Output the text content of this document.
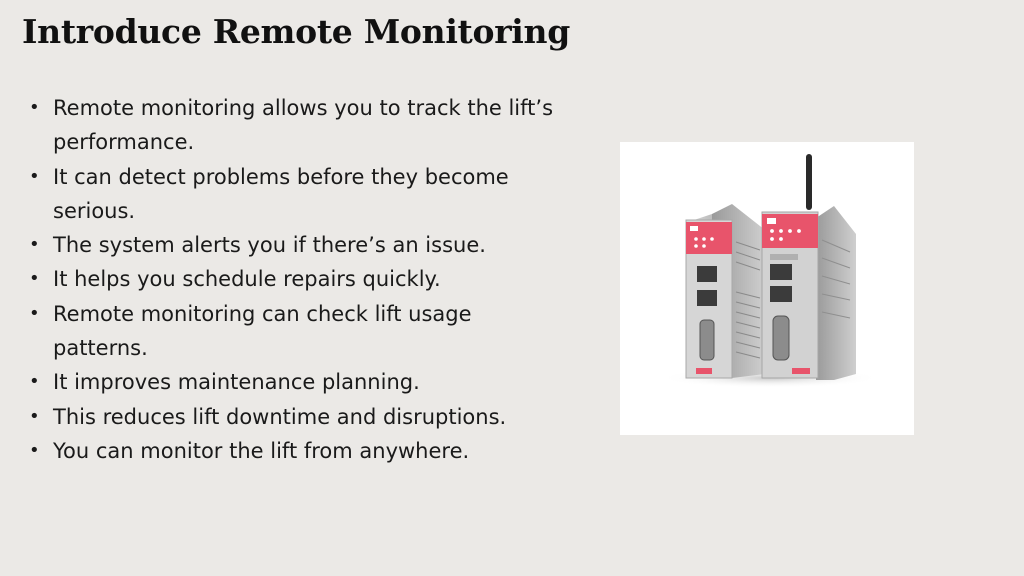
Introduce Remote Monitoring
• Remote monitoring allows you to track the lift’s performance.
• It can detect problems before they become serious.
• The system alerts you if there’s an issue.
• It helps you schedule repairs quickly.
• Remote monitoring can check lift usage patterns.
• It improves maintenance planning.
• This reduces lift downtime and disruptions.
• You can monitor the lift from anywhere.
